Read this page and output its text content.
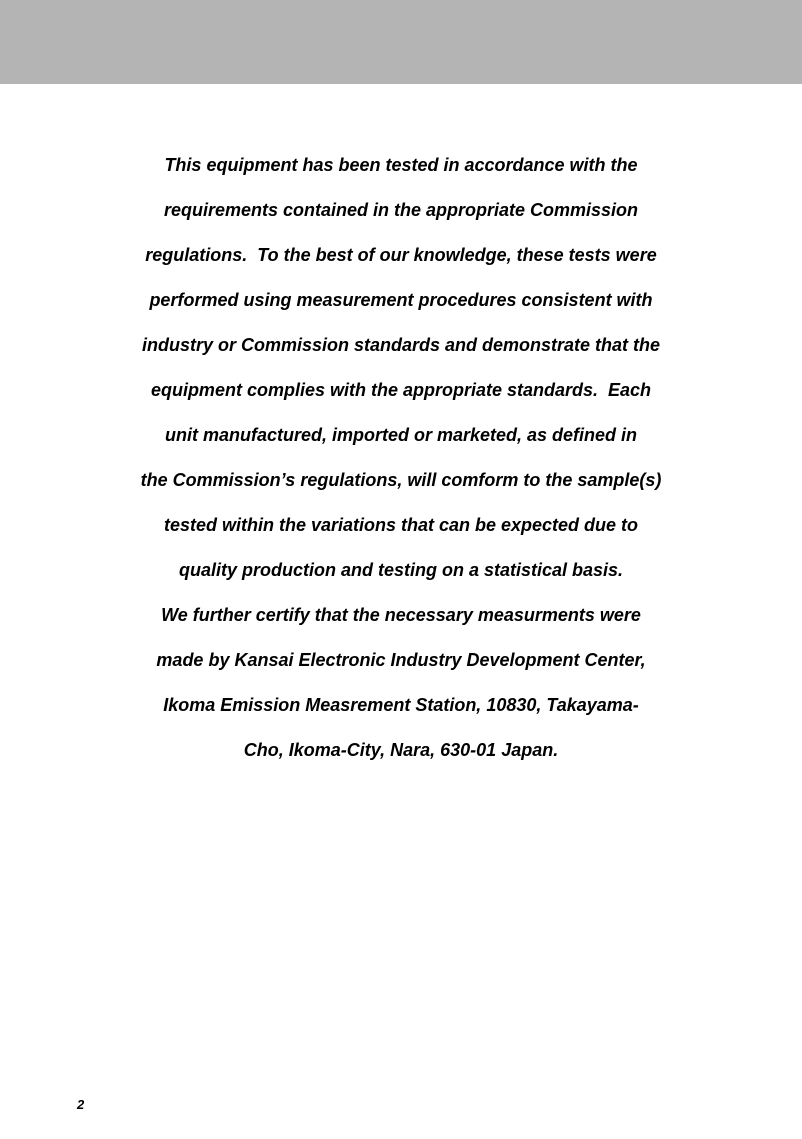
This equipment has been tested in accordance with the
requirements contained in the appropriate Commission
regulations.  To the best of our knowledge, these tests were
performed using measurement procedures consistent with
industry or Commission standards and demonstrate that the
equipment complies with the appropriate standards.  Each
unit manufactured, imported or marketed, as defined in
the Commission’s regulations, will comform to the sample(s)
tested within the variations that can be expected due to
quality production and testing on a statistical basis.
We further certify that the necessary measurments were
made by Kansai Electronic Industry Development Center,
Ikoma Emission Measrement Station, 10830, Takayama-
Cho, Ikoma-City, Nara, 630-01 Japan.
2
